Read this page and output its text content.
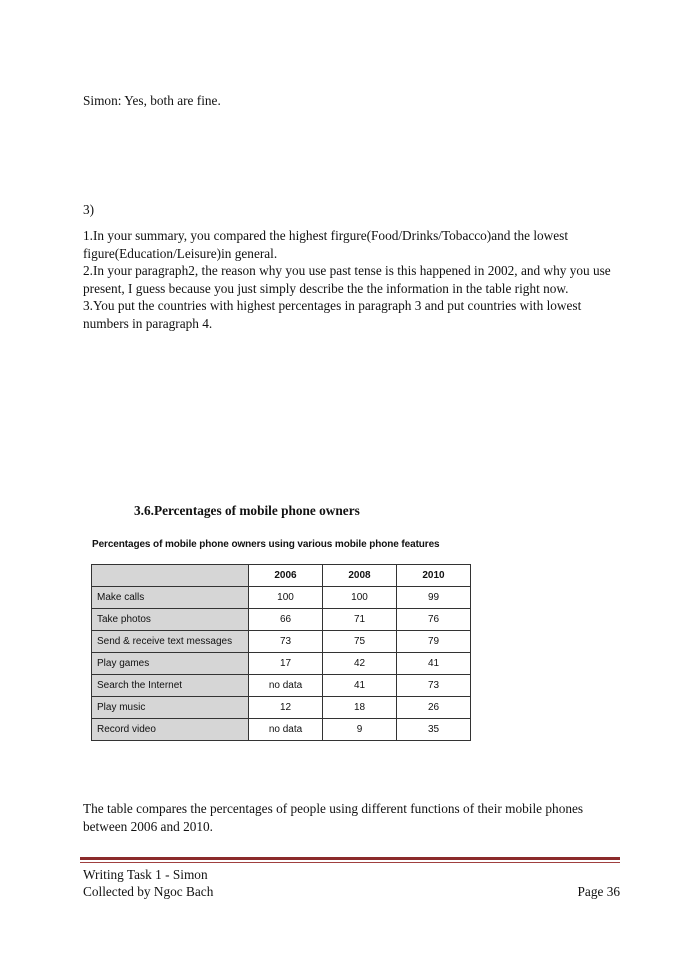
Simon: Yes, both are fine.

3)

1.In your summary, you compared the highest firgure(Food/Drinks/Tobacco)and the lowest figure(Education/Leisure)in general.
2.In your paragraph2, the reason why you use past tense is this happened in 2002, and why you use present, I guess because you just simply describe the the information in the table right now.
3.You put the countries with highest percentages in paragraph 3 and put countries with lowest numbers in paragraph 4.
3.6.Percentages of mobile phone owners
Percentages of mobile phone owners using various mobile phone features
	2006	2008	2010
Make calls	100	100	99
Take photos	66	71	76
Send & receive text messages	73	75	79
Play games	17	42	41
Search the Internet	no data	41	73
Play music	12	18	26
Record video	no data	9	35

The table compares the percentages of people using different functions of their mobile phones between 2006 and 2010.

Writing Task 1 - Simon
Collected by Ngoc Bach	Page 36
